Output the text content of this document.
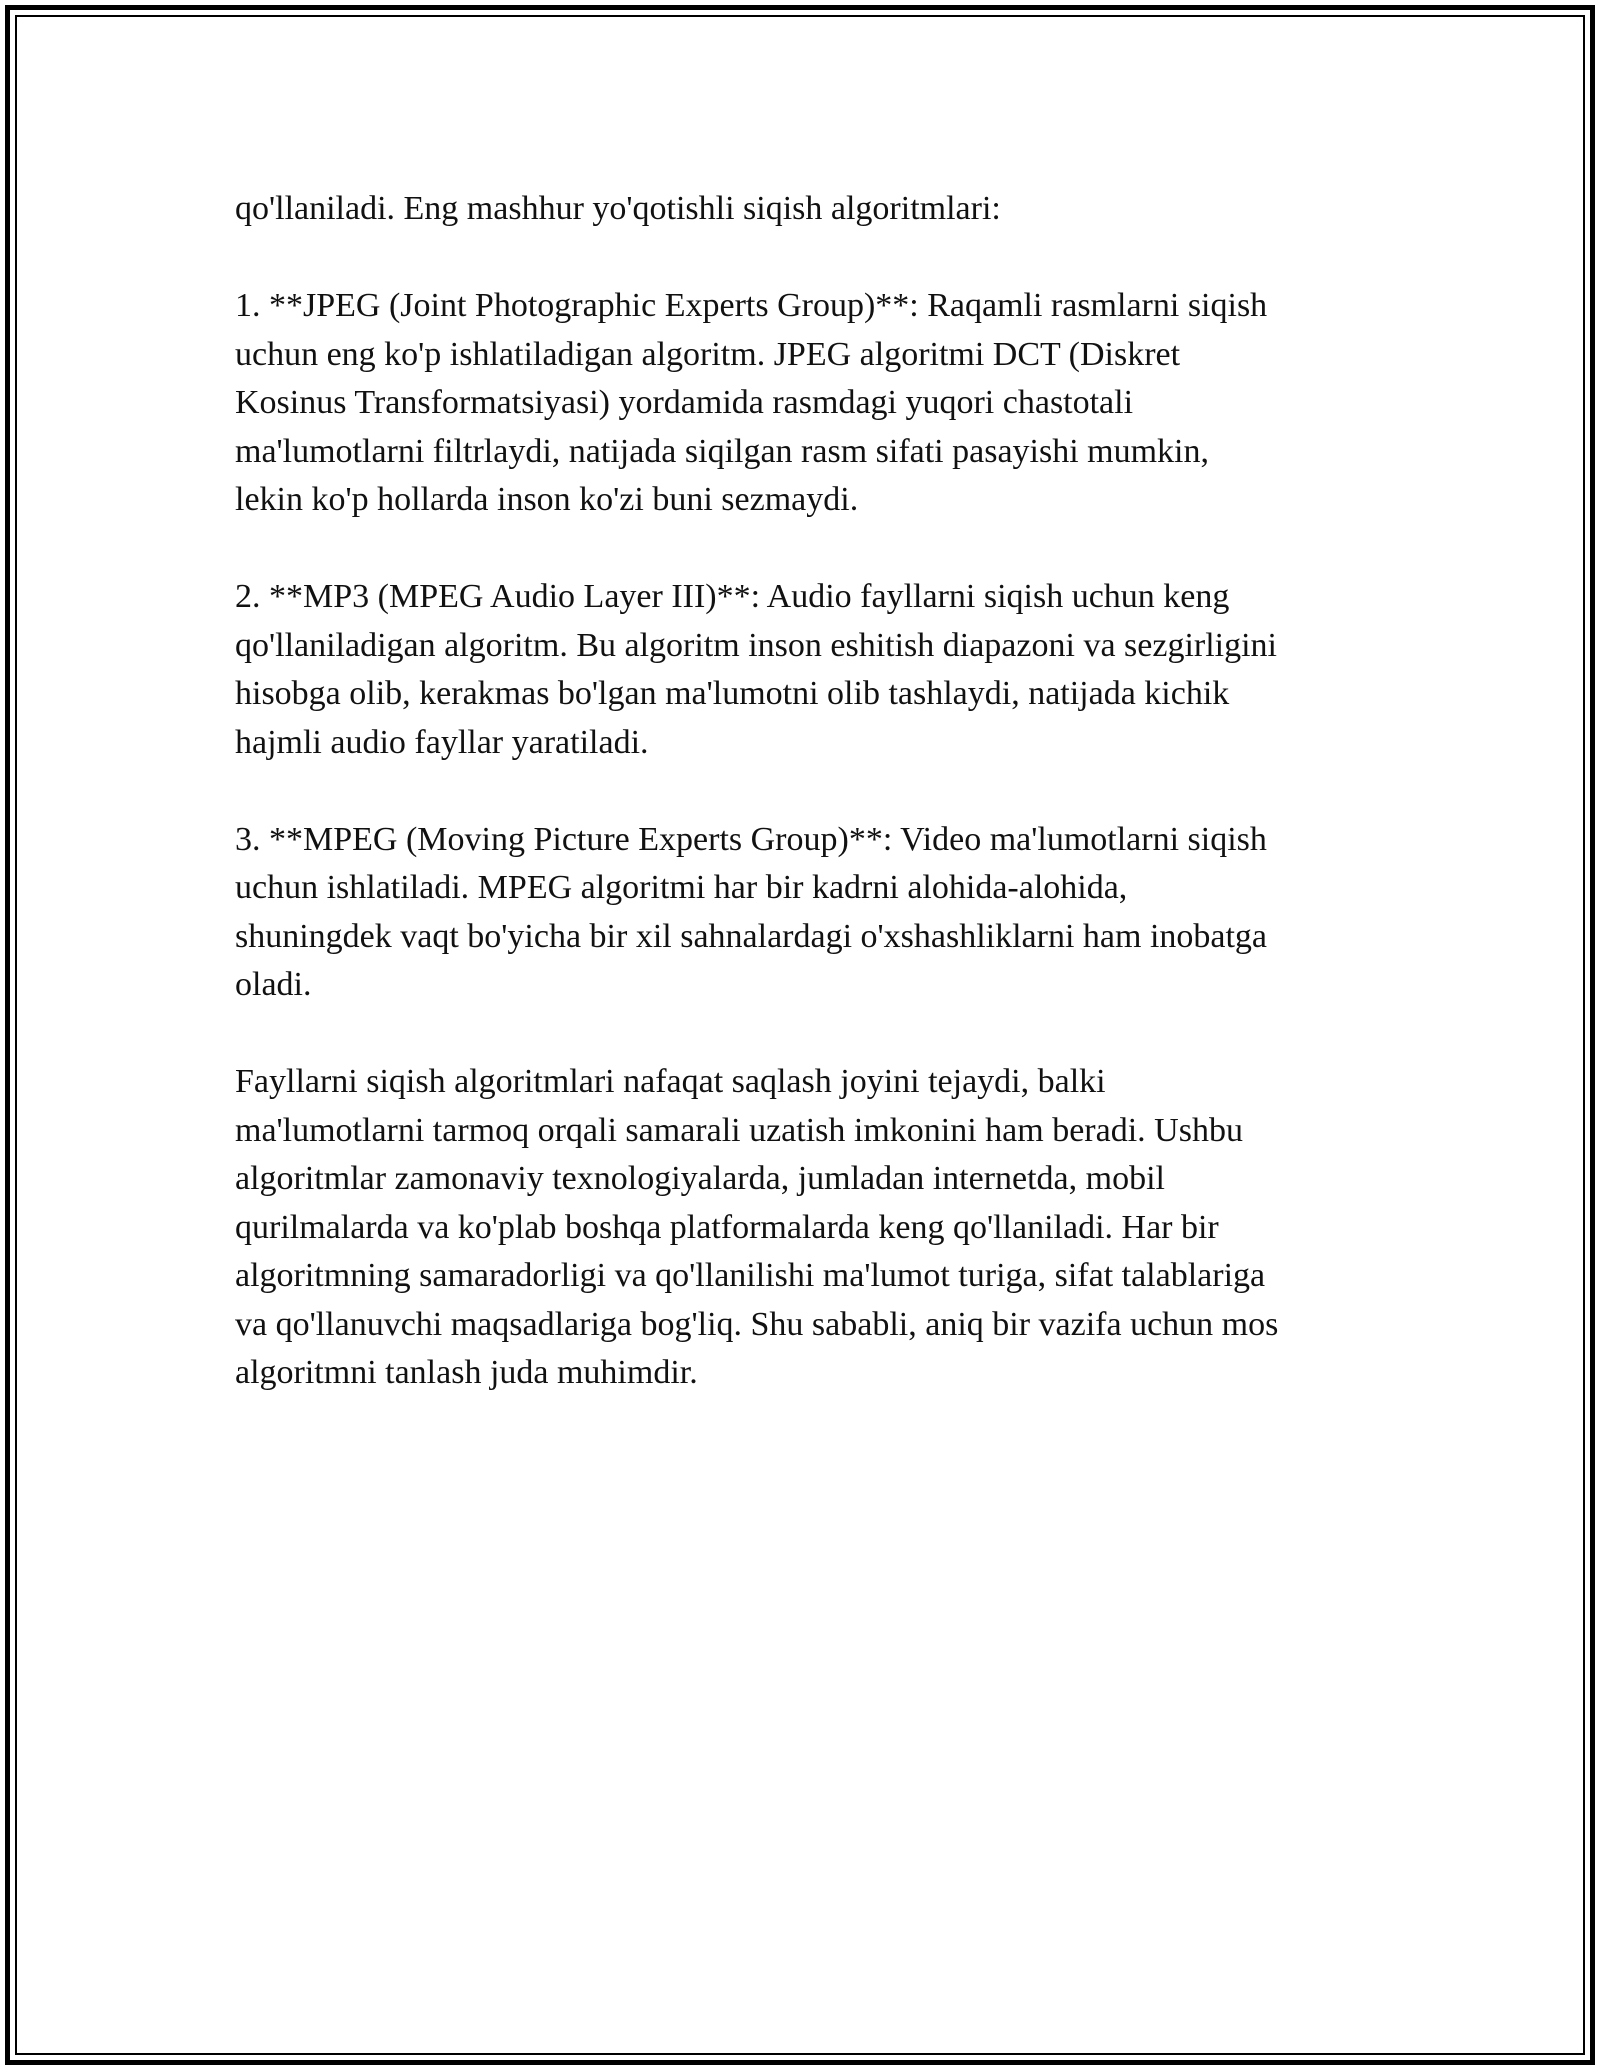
qo'llaniladi. Eng mashhur yo'qotishli siqish algoritmlari:

1. **JPEG (Joint Photographic Experts Group)**: Raqamli rasmlarni siqish
uchun eng ko'p ishlatiladigan algoritm. JPEG algoritmi DCT (Diskret
Kosinus Transformatsiyasi) yordamida rasmdagi yuqori chastotali
ma'lumotlarni filtrlaydi, natijada siqilgan rasm sifati pasayishi mumkin,
lekin ko'p hollarda inson ko'zi buni sezmaydi.

2. **MP3 (MPEG Audio Layer III)**: Audio fayllarni siqish uchun keng
qo'llaniladigan algoritm. Bu algoritm inson eshitish diapazoni va sezgirligini
hisobga olib, kerakmas bo'lgan ma'lumotni olib tashlaydi, natijada kichik
hajmli audio fayllar yaratiladi.

3. **MPEG (Moving Picture Experts Group)**: Video ma'lumotlarni siqish
uchun ishlatiladi. MPEG algoritmi har bir kadrni alohida-alohida,
shuningdek vaqt bo'yicha bir xil sahnalardagi o'xshashliklarni ham inobatga
oladi.

Fayllarni siqish algoritmlari nafaqat saqlash joyini tejaydi, balki
ma'lumotlarni tarmoq orqali samarali uzatish imkonini ham beradi. Ushbu
algoritmlar zamonaviy texnologiyalarda, jumladan internetda, mobil
qurilmalarda va ko'plab boshqa platformalarda keng qo'llaniladi. Har bir
algoritmning samaradorligi va qo'llanilishi ma'lumot turiga, sifat talablariga
va qo'llanuvchi maqsadlariga bog'liq. Shu sababli, aniq bir vazifa uchun mos
algoritmni tanlash juda muhimdir.
